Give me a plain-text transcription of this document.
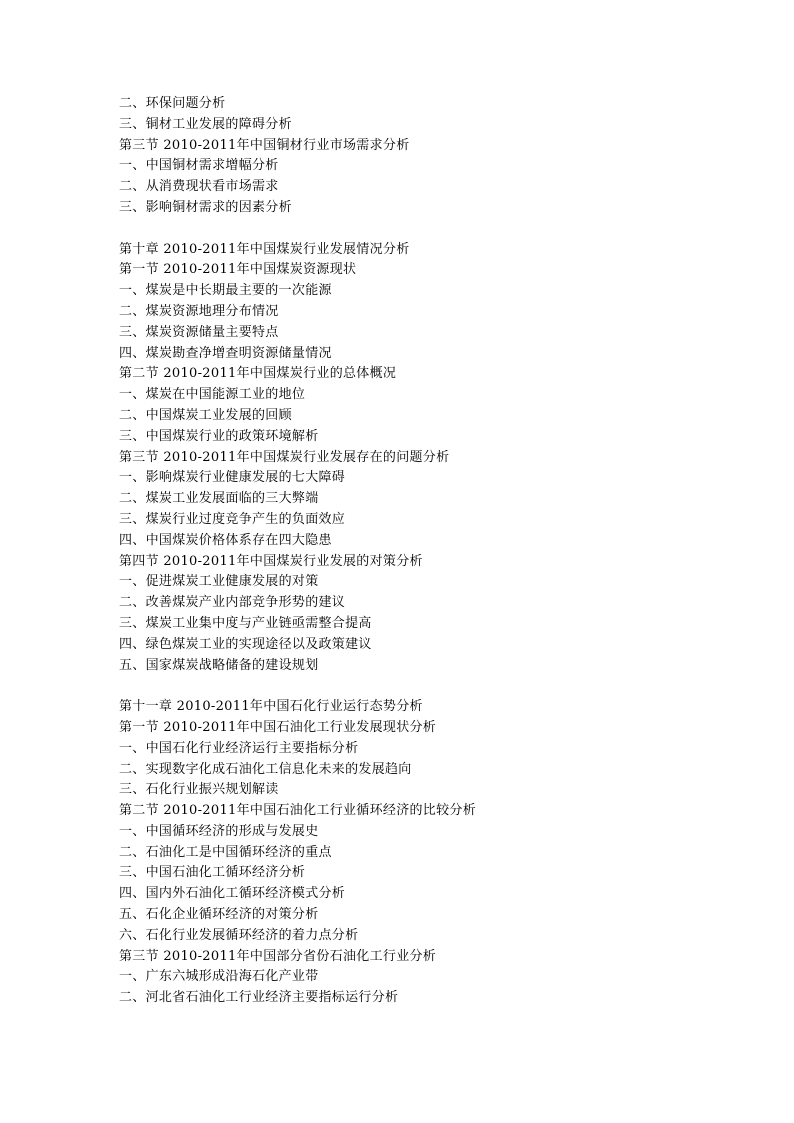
二、环保问题分析
三、铜材工业发展的障碍分析
第三节 2010-2011年中国铜材行业市场需求分析
一、中国铜材需求增幅分析
二、从消费现状看市场需求
三、影响铜材需求的因素分析
第十章 2010-2011年中国煤炭行业发展情况分析
第一节 2010-2011年中国煤炭资源现状
一、煤炭是中长期最主要的一次能源
二、煤炭资源地理分布情况
三、煤炭资源储量主要特点
四、煤炭勘查净增查明资源储量情况
第二节 2010-2011年中国煤炭行业的总体概况
一、煤炭在中国能源工业的地位
二、中国煤炭工业发展的回顾
三、中国煤炭行业的政策环境解析
第三节 2010-2011年中国煤炭行业发展存在的问题分析
一、影响煤炭行业健康发展的七大障碍
二、煤炭工业发展面临的三大弊端
三、煤炭行业过度竞争产生的负面效应
四、中国煤炭价格体系存在四大隐患
第四节 2010-2011年中国煤炭行业发展的对策分析
一、促进煤炭工业健康发展的对策
二、改善煤炭产业内部竞争形势的建议
三、煤炭工业集中度与产业链亟需整合提高
四、绿色煤炭工业的实现途径以及政策建议
五、国家煤炭战略储备的建设规划
第十一章 2010-2011年中国石化行业运行态势分析
第一节 2010-2011年中国石油化工行业发展现状分析
一、中国石化行业经济运行主要指标分析
二、实现数字化成石油化工信息化未来的发展趋向
三、石化行业振兴规划解读
第二节 2010-2011年中国石油化工行业循环经济的比较分析
一、中国循环经济的形成与发展史
二、石油化工是中国循环经济的重点
三、中国石油化工循环经济分析
四、国内外石油化工循环经济模式分析
五、石化企业循环经济的对策分析
六、石化行业发展循环经济的着力点分析
第三节 2010-2011年中国部分省份石油化工行业分析
一、广东六城形成沿海石化产业带
二、河北省石油化工行业经济主要指标运行分析
